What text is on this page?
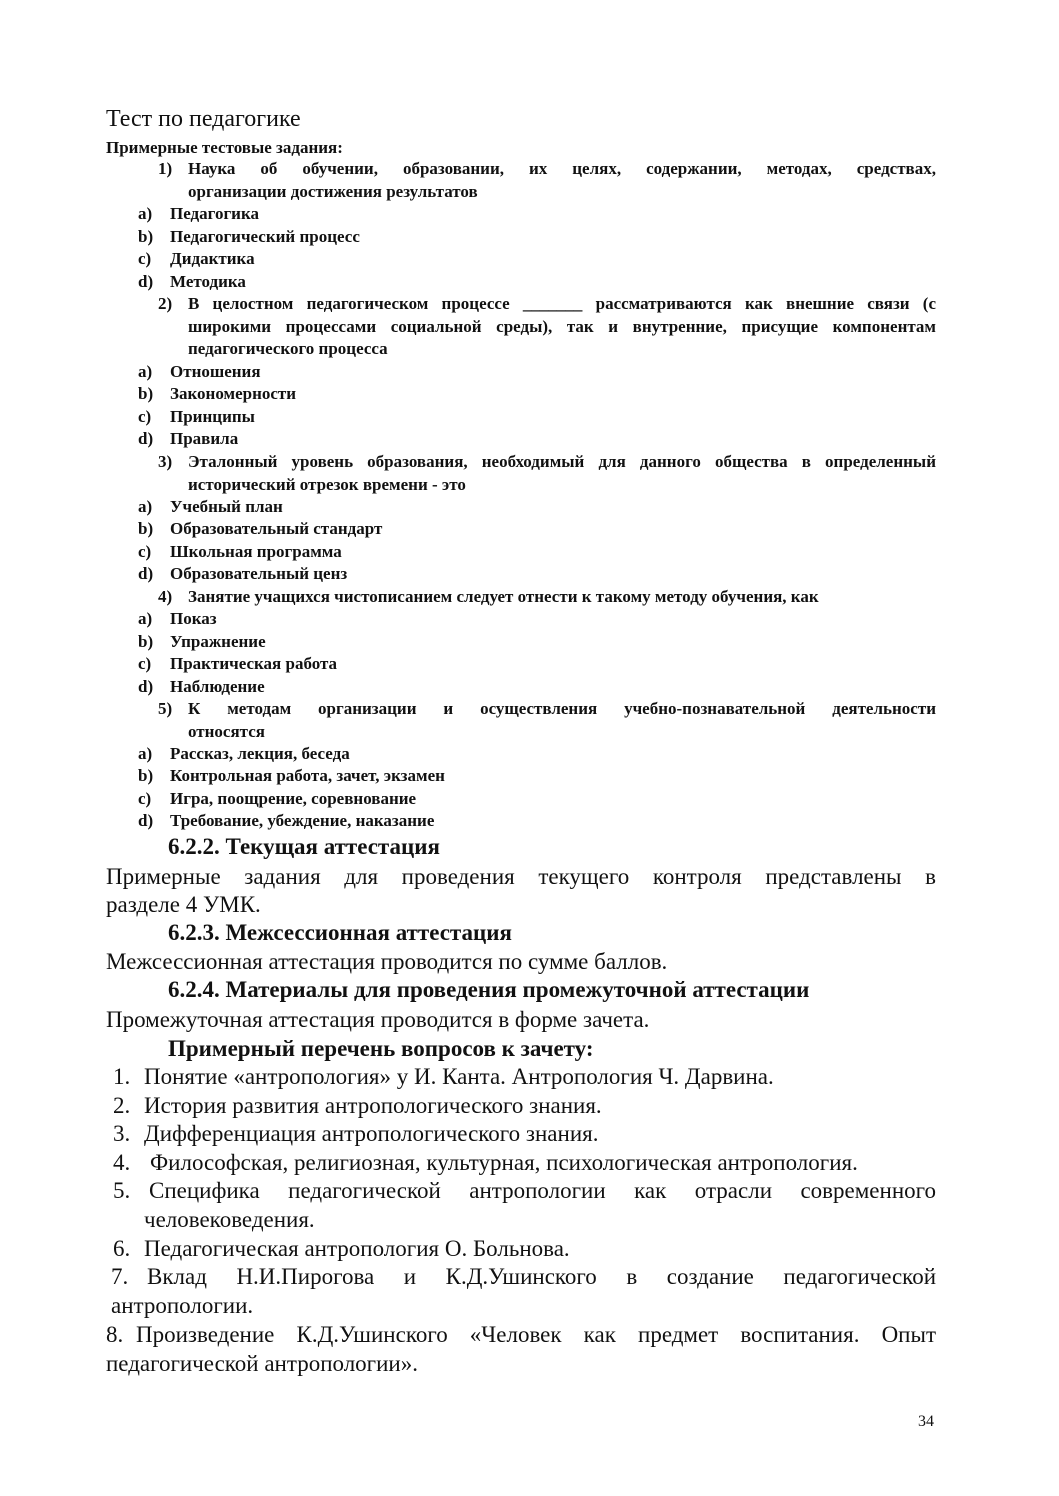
Тест по педагогике
Примерные тестовые задания:
1) Наука об обучении, образовании, их целях, содержании, методах, средствах,
организации достижения результатов
a) Педагогика
b) Педагогический процесс
c) Дидактика
d) Методика
2) В целостном педагогическом процессе _______ рассматриваются как внешние связи (с
широкими процессами социальной среды), так и внутренние, присущие компонентам
педагогического процесса
a) Отношения
b) Закономерности
c) Принципы
d) Правила
3) Эталонный уровень образования, необходимый для данного общества в определенный
исторический отрезок времени - это
a) Учебный план
b) Образовательный стандарт
c) Школьная программа
d) Образовательный ценз
4) Занятие учащихся чистописанием следует отнести к такому методу обучения, как
a) Показ
b) Упражнение
c) Практическая работа
d) Наблюдение
5) К методам организации и осуществления учебно-познавательной деятельности
относятся
a) Рассказ, лекция, беседа
b) Контрольная работа, зачет, экзамен
c) Игра, поощрение, соревнование
d) Требование, убеждение, наказание
6.2.2. Текущая аттестация
Примерные задания для проведения текущего контроля представлены в
разделе 4 УМК.
6.2.3. Межсессионная аттестация
Межсессионная аттестация проводится по сумме баллов.
6.2.4. Материалы для проведения промежуточной аттестации
Промежуточная аттестация проводится в форме зачета.
Примерный перечень вопросов к зачету:
1. Понятие «антропология» у И. Канта. Антропология Ч. Дарвина.
2. История развития антропологического знания.
3. Дифференциация антропологического знания.
4. Философская, религиозная, культурная, психологическая антропология.
5. Специфика педагогической антропологии как отрасли современного
человековедения.
6. Педагогическая антропология О. Больнова.
7. Вклад Н.И.Пирогова и К.Д.Ушинского в создание педагогической
антропологии.
8. Произведение К.Д.Ушинского «Человек как предмет воспитания. Опыт
педагогической антропологии».
34
